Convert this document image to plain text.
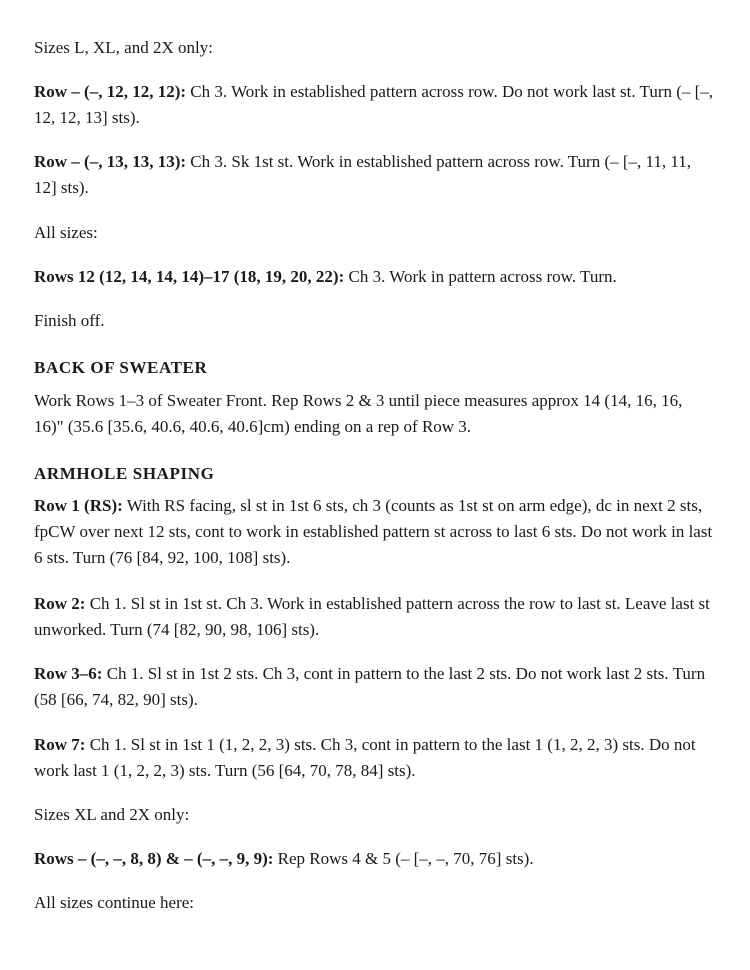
Sizes L, XL, and 2X only:

Row – (–, 12, 12, 12): Ch 3. Work in established pattern across row. Do not work last st. Turn (– [–, 12, 12, 13] sts).

Row – (–, 13, 13, 13): Ch 3. Sk 1st st. Work in established pattern across row. Turn (– [–, 11, 11, 12] sts).

All sizes:

Rows 12 (12, 14, 14, 14)–17 (18, 19, 20, 22): Ch 3. Work in pattern across row. Turn.

Finish off.

BACK OF SWEATER

Work Rows 1–3 of Sweater Front. Rep Rows 2 & 3 until piece measures approx 14 (14, 16, 16, 16)" (35.6 [35.6, 40.6, 40.6, 40.6]cm) ending on a rep of Row 3.

ARMHOLE SHAPING

Row 1 (RS): With RS facing, sl st in 1st 6 sts, ch 3 (counts as 1st st on arm edge), dc in next 2 sts, fpCW over next 12 sts, cont to work in established pattern st across to last 6 sts. Do not work in last 6 sts. Turn (76 [84, 92, 100, 108] sts).

Row 2: Ch 1. Sl st in 1st st. Ch 3. Work in established pattern across the row to last st. Leave last st unworked. Turn (74 [82, 90, 98, 106] sts).

Row 3–6: Ch 1. Sl st in 1st 2 sts. Ch 3, cont in pattern to the last 2 sts. Do not work last 2 sts. Turn (58 [66, 74, 82, 90] sts).

Row 7: Ch 1. Sl st in 1st 1 (1, 2, 2, 3) sts. Ch 3, cont in pattern to the last 1 (1, 2, 2, 3) sts. Do not work last 1 (1, 2, 2, 3) sts. Turn (56 [64, 70, 78, 84] sts).

Sizes XL and 2X only:

Rows – (–, –, 8, 8) & – (–, –, 9, 9): Rep Rows 4 & 5 (– [–, –, 70, 76] sts).

All sizes continue here:
